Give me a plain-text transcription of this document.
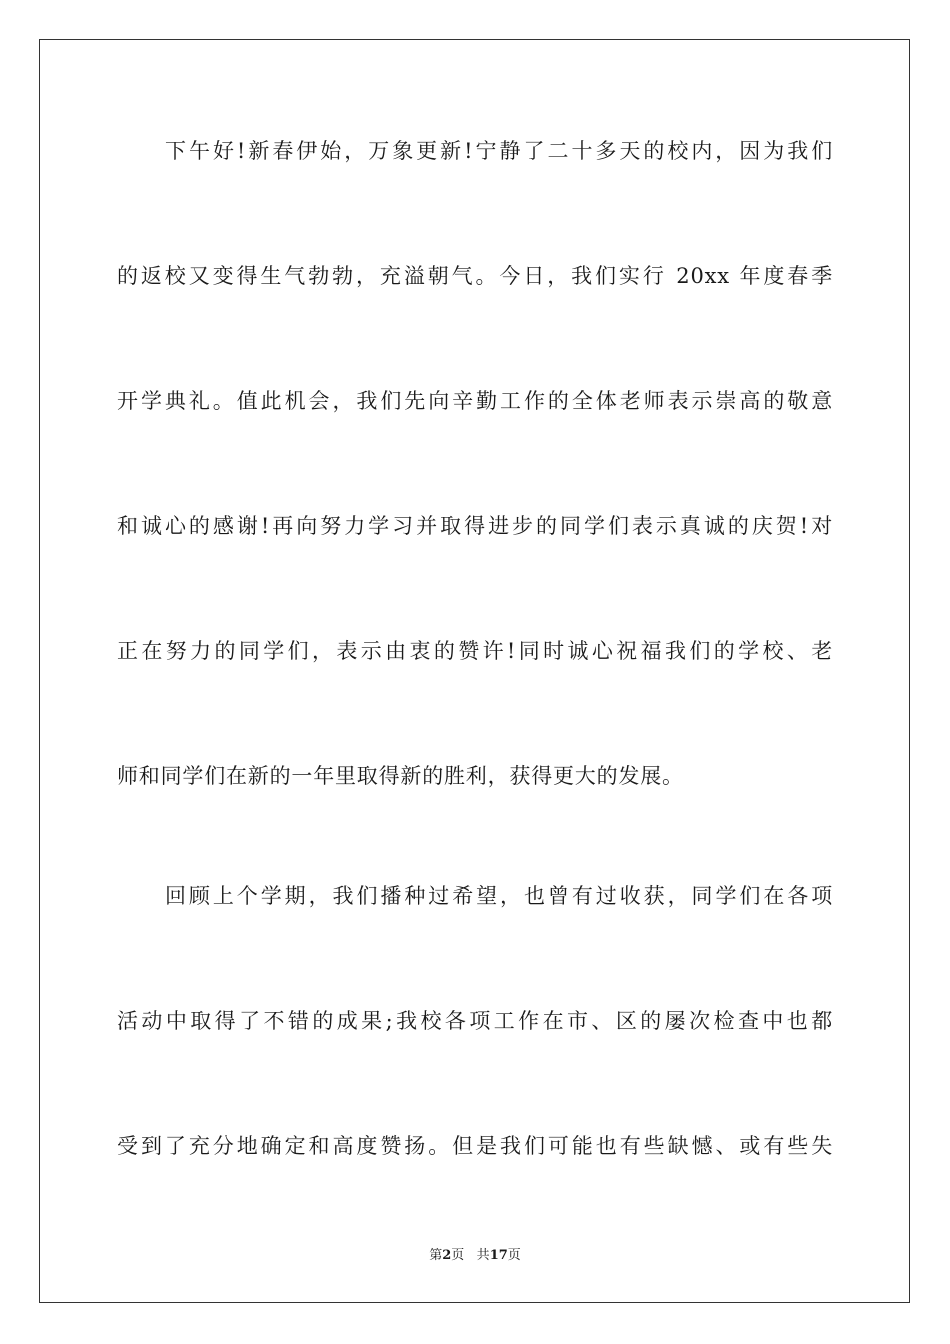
下午好!新春伊始，万象更新!宁静了二十多天的校内，因为我们
的返校又变得生气勃勃，充溢朝气。今日，我们实行 20xx 年度春季
开学典礼。值此机会，我们先向辛勤工作的全体老师表示崇高的敬意
和诚心的感谢!再向努力学习并取得进步的同学们表示真诚的庆贺!对
正在努力的同学们，表示由衷的赞许!同时诚心祝福我们的学校、老
师和同学们在新的一年里取得新的胜利，获得更大的发展。
回顾上个学期，我们播种过希望，也曾有过收获，同学们在各项
活动中取得了不错的成果;我校各项工作在市、区的屡次检查中也都
受到了充分地确定和高度赞扬。但是我们可能也有些缺憾、或有些失
第2页 共17页
